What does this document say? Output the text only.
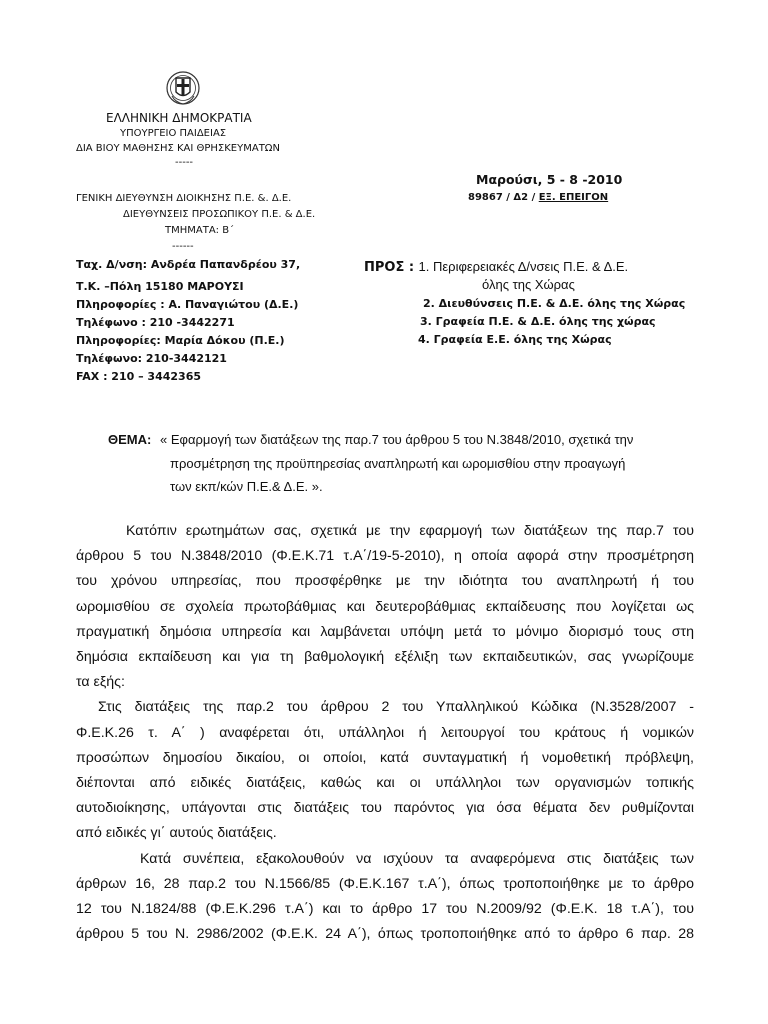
ΕΛΛΗΝΙΚΗ ΔΗΜΟΚΡΑΤΙΑ
ΥΠΟΥΡΓΕΙΟ ΠΑΙΔΕΙΑΣ
ΔΙΑ ΒΙΟΥ ΜΑΘΗΣΗΣ ΚΑΙ ΘΡΗΣΚΕΥΜΑΤΩΝ
-----
ΓΕΝΙΚΗ ΔΙΕΥΘΥΝΣΗ ΔΙΟΙΚΗΣΗΣ Π.Ε. &. Δ.Ε.
ΔΙΕΥΘΥΝΣΕΙΣ ΠΡΟΣΩΠΙΚΟΥ Π.Ε. & Δ.Ε.
ΤΜΗΜΑΤΑ: Β΄
------
Μαρούσι, 5 - 8 -2010
89867 / Δ2 / ΕΞ. ΕΠΕΙΓΟΝ
Ταχ. Δ/νση: Ανδρέα Παπανδρέου 37,
Τ.Κ. –Πόλη 15180 ΜΑΡΟΥΣΙ
Πληροφορίες : Α. Παναγιώτου (Δ.Ε.)
Τηλέφωνο : 210 -3442271
Πληροφορίες: Μαρία Δόκου (Π.Ε.)
Τηλέφωνο: 210-3442121
FAX : 210 – 3442365
ΠΡΟΣ : 1. Περιφερειακές Δ/νσεις Π.Ε. & Δ.Ε.
όλης της Χώρας
2. Διευθύνσεις Π.Ε. & Δ.Ε. όλης της Χώρας
3. Γραφεία Π.Ε. & Δ.Ε. όλης της χώρας
4. Γραφεία Ε.Ε. όλης της Χώρας
ΘΕΜΑ: « Εφαρμογή των διατάξεων της παρ.7 του άρθρου 5 του Ν.3848/2010, σχετικά την
προσμέτρηση της προϋπηρεσίας αναπληρωτή και ωρομισθίου στην προαγωγή
των εκπ/κών Π.Ε.& Δ.Ε. ».

Κατόπιν ερωτημάτων σας, σχετικά με την εφαρμογή των διατάξεων της παρ.7 του

άρθρου 5 του Ν.3848/2010 (Φ.Ε.Κ.71 τ.Α΄/19-5-2010), η οποία αφορά στην προσμέτρηση

του χρόνου υπηρεσίας, που προσφέρθηκε με την ιδιότητα του αναπληρωτή ή του

ωρομισθίου σε σχολεία πρωτοβάθμιας και δευτεροβάθμιας εκπαίδευσης που λογίζεται ως

πραγματική δημόσια υπηρεσία και λαμβάνεται υπόψη μετά το μόνιμο διορισμό τους στη

δημόσια εκπαίδευση και για τη βαθμολογική εξέλιξη των εκπαιδευτικών, σας γνωρίζουμε

τα εξής:

Στις διατάξεις της παρ.2 του άρθρου 2 του Υπαλληλικού Κώδικα (Ν.3528/2007 -

Φ.Ε.Κ.26 τ. Α΄ ) αναφέρεται ότι, υπάλληλοι ή λειτουργοί του κράτους ή νομικών

προσώπων δημοσίου δικαίου, οι οποίοι, κατά συνταγματική ή νομοθετική πρόβλεψη,

διέπονται από ειδικές διατάξεις, καθώς και οι υπάλληλοι των οργανισμών τοπικής

αυτοδιοίκησης, υπάγονται στις διατάξεις του παρόντος για όσα θέματα δεν ρυθμίζονται

από ειδικές γι΄ αυτούς διατάξεις.

Κατά συνέπεια, εξακολουθούν να ισχύουν τα αναφερόμενα στις διατάξεις των

άρθρων 16, 28 παρ.2 του Ν.1566/85 (Φ.Ε.Κ.167 τ.Α΄), όπως τροποποιήθηκε με το άρθρο

12 του Ν.1824/88 (Φ.Ε.Κ.296 τ.Α΄) και το άρθρο 17 του Ν.2009/92 (Φ.Ε.Κ. 18 τ.Α΄), του

άρθρου 5 του Ν. 2986/2002 (Φ.Ε.Κ. 24 Α΄), όπως τροποποιήθηκε από το άρθρο 6 παρ. 28
